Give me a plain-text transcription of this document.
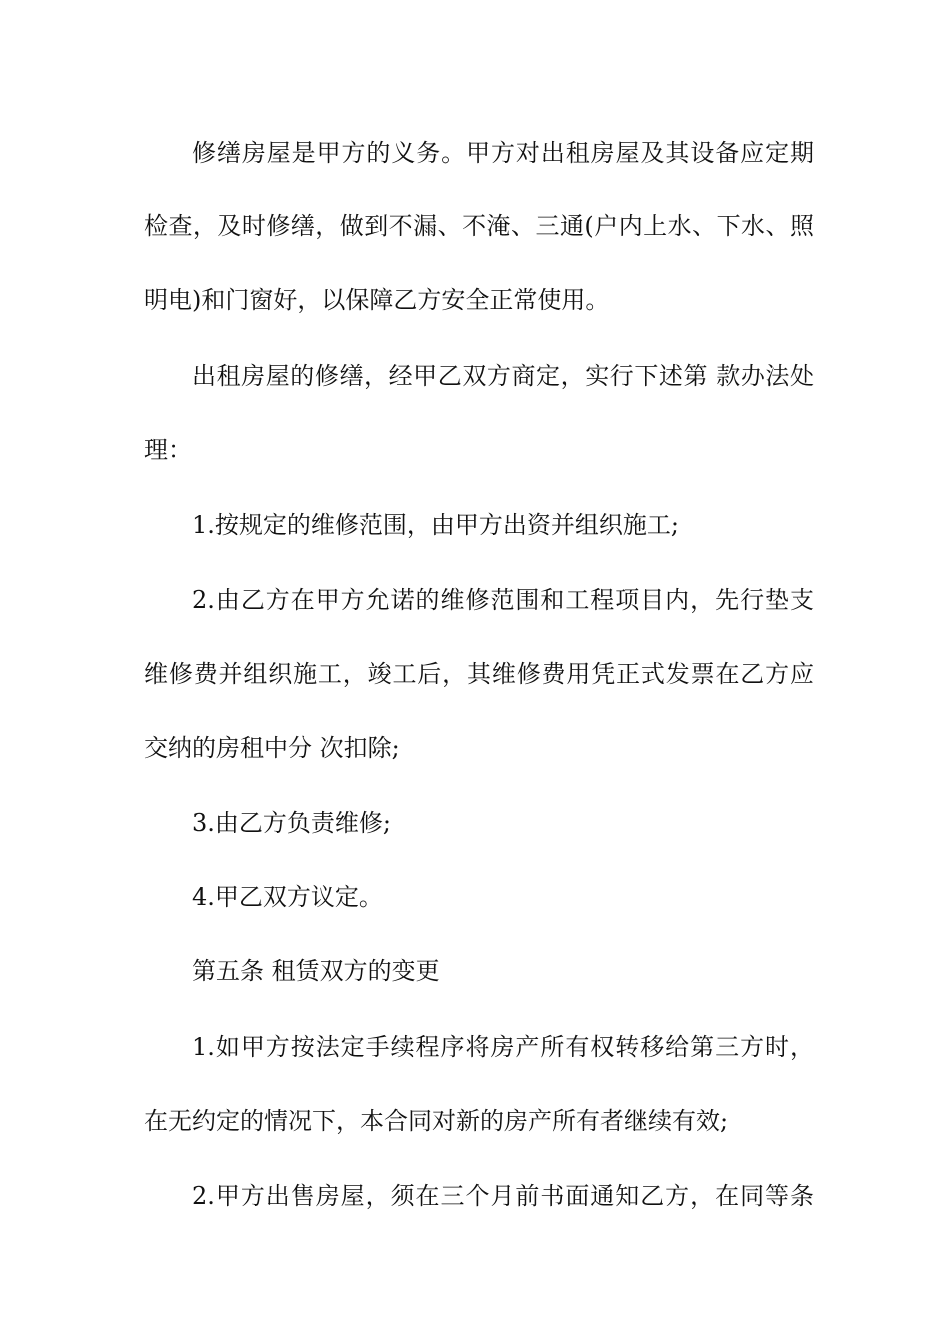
修缮房屋是甲方的义务。甲方对出租房屋及其设备应定期
检查，及时修缮，做到不漏、不淹、三通(户内上水、下水、照
明电)和门窗好，以保障乙方安全正常使用。
出租房屋的修缮，经甲乙双方商定，实行下述第 款办法处
理：
1.按规定的维修范围，由甲方出资并组织施工;
2.由乙方在甲方允诺的维修范围和工程项目内，先行垫支
维修费并组织施工，竣工后，其维修费用凭正式发票在乙方应
交纳的房租中分 次扣除;
3.由乙方负责维修;
4.甲乙双方议定。
第五条 租赁双方的变更
1.如甲方按法定手续程序将房产所有权转移给第三方时，
在无约定的情况下，本合同对新的房产所有者继续有效;
2.甲方出售房屋，须在三个月前书面通知乙方，在同等条
